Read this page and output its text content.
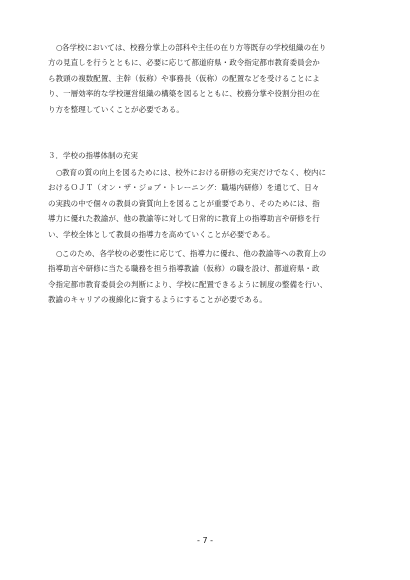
○ 各学校においては、校務分掌上の部科や主任の在り方等既存の学校組織の在り
方の見直しを行うとともに、必要に応じて都道府県・政令指定都市教育委員会か
ら教頭の複数配置、主幹（仮称）や事務長（仮称）の配置などを受けることによ
り、一層効率的な学校運営組織の構築を図るとともに、校務分掌や役割分担の在
り方を整理していくことが必要である。
３．学校の指導体制の充実
○ 教育の質の向上を図るためには、校外における研修の充実だけでなく、校内に
おけるＯＪＴ（オン・ザ・ジョブ・トレーニング：職場内研修）を通じて、日々
の実践の中で個々の教員の資質向上を図ることが重要であり、そのためには、指
導力に優れた教諭が、他の教諭等に対して日常的に教育上の指導助言や研修を行
い、学校全体として教員の指導力を高めていくことが必要である。
○ このため、各学校の必要性に応じて、指導力に優れ、他の教諭等への教育上の
指導助言や研修に当たる職務を担う指導教諭（仮称）の職を設け、都道府県・政
令指定都市教育委員会の判断により、学校に配置できるように制度の整備を行い、
教諭のキャリアの複線化に資するようにすることが必要である。
- 7 -
